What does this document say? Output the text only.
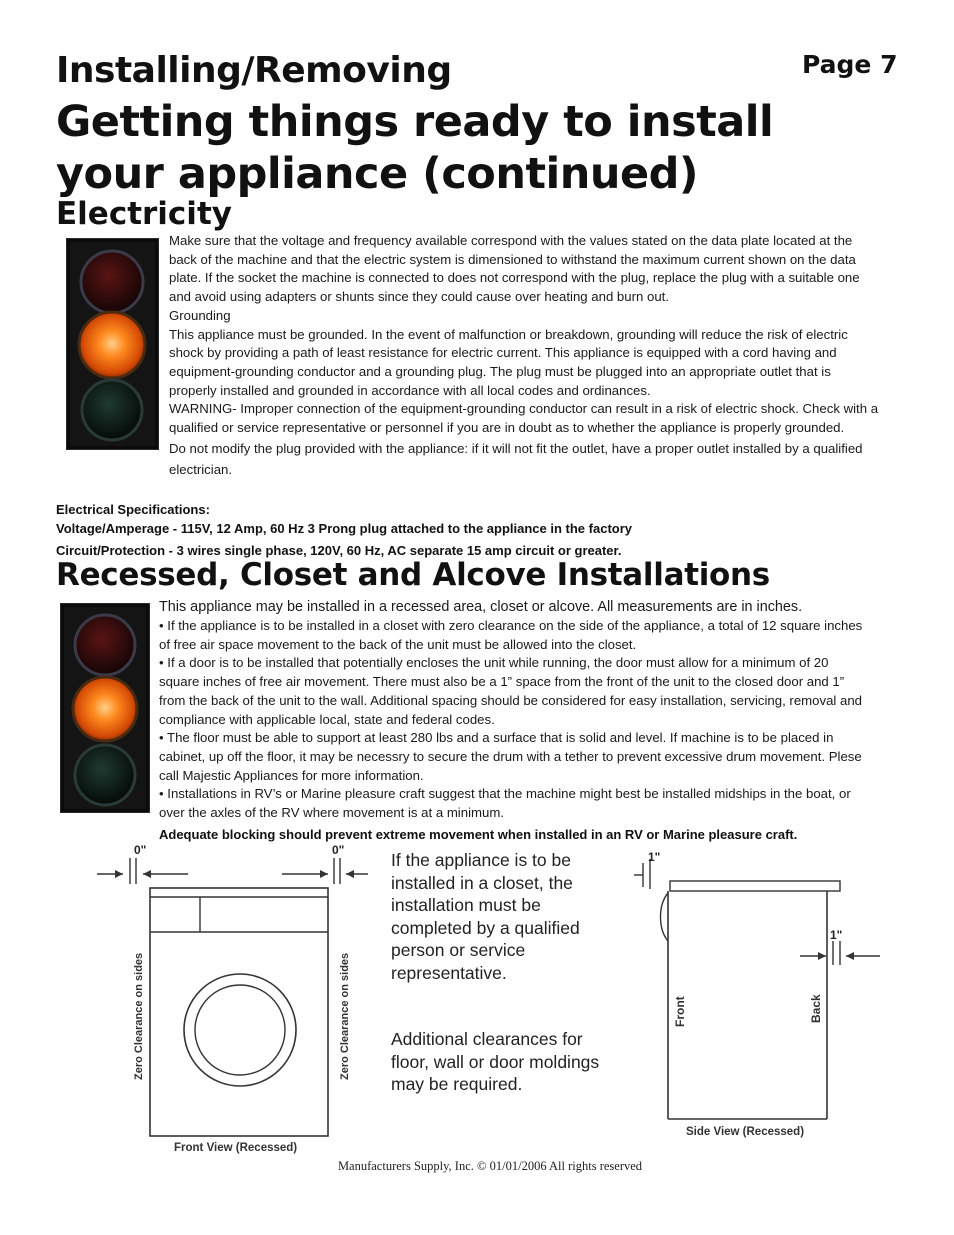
Installing/Removing	Page 7
Getting things ready to install
your appliance (continued)
Electricity

Make sure that the voltage and frequency available correspond with the values stated on the data plate located at the back of the machine and that the electric system is dimensioned to withstand the maximum current shown on the data plate. If the socket the machine is connected to does not correspond with the plug, replace the plug with a suitable one and avoid using adapters or shunts since they could cause over heating and burn out.

Grounding

This appliance must be grounded. In the event of malfunction or breakdown, grounding will reduce the risk of electric shock by providing a path of least resistance for electric current. This appliance is equipped with a cord having and equipment-grounding conductor and a grounding plug. The plug must be plugged into an appropriate outlet that is properly installed and grounded in accordance with all local codes and ordinances.

WARNING- Improper connection of the equipment-grounding conductor can result in a risk of electric shock. Check with a qualified or service representative or personnel if you are in doubt as to whether the appliance is properly grounded.

Do not modify the plug provided with the appliance: if it will not fit the outlet, have a proper outlet installed by a qualified electrician.

Electrical Specifications:

Voltage/Amperage - 115V, 12 Amp, 60 Hz 3 Prong plug attached to the appliance in the factory

Circuit/Protection - 3 wires single phase, 120V, 60 Hz, AC separate 15 amp circuit or greater.

Recessed, Closet and Alcove Installations

This appliance may be installed in a recessed area, closet or alcove. All measurements are in inches.

• If the appliance is to be installed in a closet with zero clearance on the side of the appliance, a total of 12 square inches of free air space movement to the back of the unit must be allowed into the closet.

• If a door is to be installed that potentially encloses the unit while running, the door must allow for a minimum of 20 square inches of free air movement. There must also be a 1” space from the front of the unit to the closed door and 1” from the back of the unit to the wall. Additional spacing should be considered for easy installation, servicing, removal and compliance with applicable local, state and federal codes.

• The floor must be able to support at least 280 lbs and a surface that is solid and level. If machine is to be placed in cabinet, up off the floor, it may be necessry to secure the drum with a tether to prevent excessive drum movement. Plese call Majestic Appliances for more information.

• Installations in RV’s or Marine pleasure craft suggest that the machine might best be installed midships in the boat, or over the axles of the RV where movement is at a minimum.

Adequate blocking should prevent extreme movement when installed in an RV or Marine pleasure craft.
0"	0"
Zero Clearance on sides	Zero Clearance on sides
Front View (Recessed)

If the appliance is to be installed in a closet, the installation must be completed by a qualified person or service representative.

Additional clearances for floor, wall or door moldings may be required.

1"
1"
Front	Back
Side View (Recessed)
Manufacturers Supply, Inc. © 01/01/2006 All rights reserved
